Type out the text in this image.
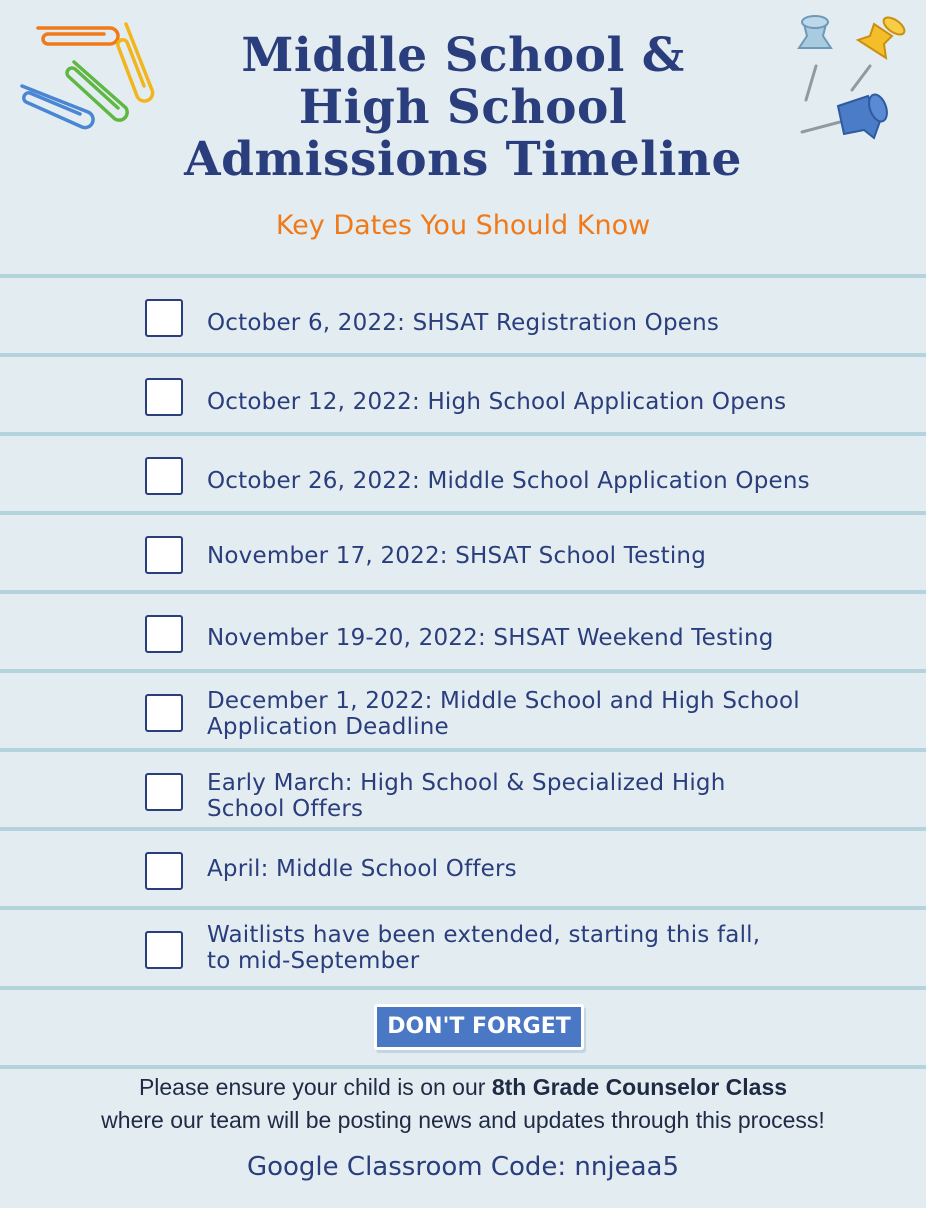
Middle School &
High School
Admissions Timeline
Key Dates You Should Know
October 6, 2022: SHSAT Registration Opens
October 12, 2022: High School Application Opens
October 26, 2022: Middle School Application Opens
November 17, 2022: SHSAT School Testing
November 19-20, 2022: SHSAT Weekend Testing
December 1, 2022: Middle School and High School
Application Deadline
Early March: High School & Specialized High
School Offers
April: Middle School Offers
Waitlists have been extended, starting this fall,
to mid-September
DON'T FORGET
Please ensure your child is on our 8th Grade Counselor Class
where our team will be posting news and updates through this process!
Google Classroom Code: nnjeaa5
